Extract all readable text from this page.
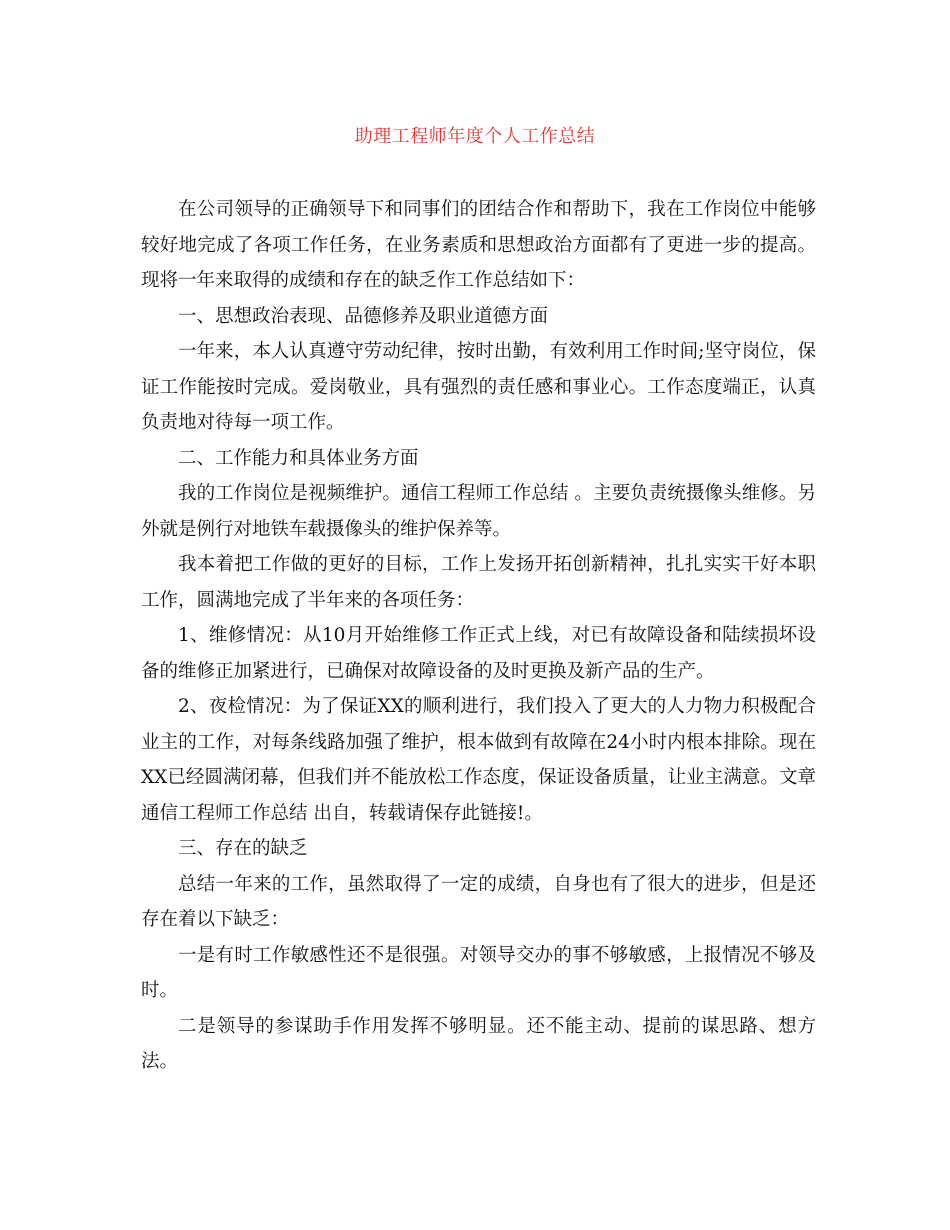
助理工程师年度个人工作总结

在公司领导的正确领导下和同事们的团结合作和帮助下，我在工作岗位中能够较好地完成了各项工作任务，在业务素质和思想政治方面都有了更进一步的提高。现将一年来取得的成绩和存在的缺乏作工作总结如下：

一、思想政治表现、品德修养及职业道德方面

一年来，本人认真遵守劳动纪律，按时出勤，有效利用工作时间;坚守岗位，保证工作能按时完成。爱岗敬业，具有强烈的责任感和事业心。工作态度端正，认真负责地对待每一项工作。

二、工作能力和具体业务方面

我的工作岗位是视频维护。通信工程师工作总结 。主要负责统摄像头维修。另外就是例行对地铁车载摄像头的维护保养等。

我本着把工作做的更好的目标，工作上发扬开拓创新精神，扎扎实实干好本职工作，圆满地完成了半年来的各项任务：

1、维修情况：从10月开始维修工作正式上线，对已有故障设备和陆续损坏设备的维修正加紧进行，已确保对故障设备的及时更换及新产品的生产。

2、夜检情况：为了保证XX的顺利进行，我们投入了更大的人力物力积极配合业主的工作，对每条线路加强了维护，根本做到有故障在24小时内根本排除。现在XX已经圆满闭幕，但我们并不能放松工作态度，保证设备质量，让业主满意。文章通信工程师工作总结 出自，转载请保存此链接!。

三、存在的缺乏

总结一年来的工作，虽然取得了一定的成绩，自身也有了很大的进步，但是还存在着以下缺乏：

一是有时工作敏感性还不是很强。对领导交办的事不够敏感，上报情况不够及时。

二是领导的参谋助手作用发挥不够明显。还不能主动、提前的谋思路、想方法。
